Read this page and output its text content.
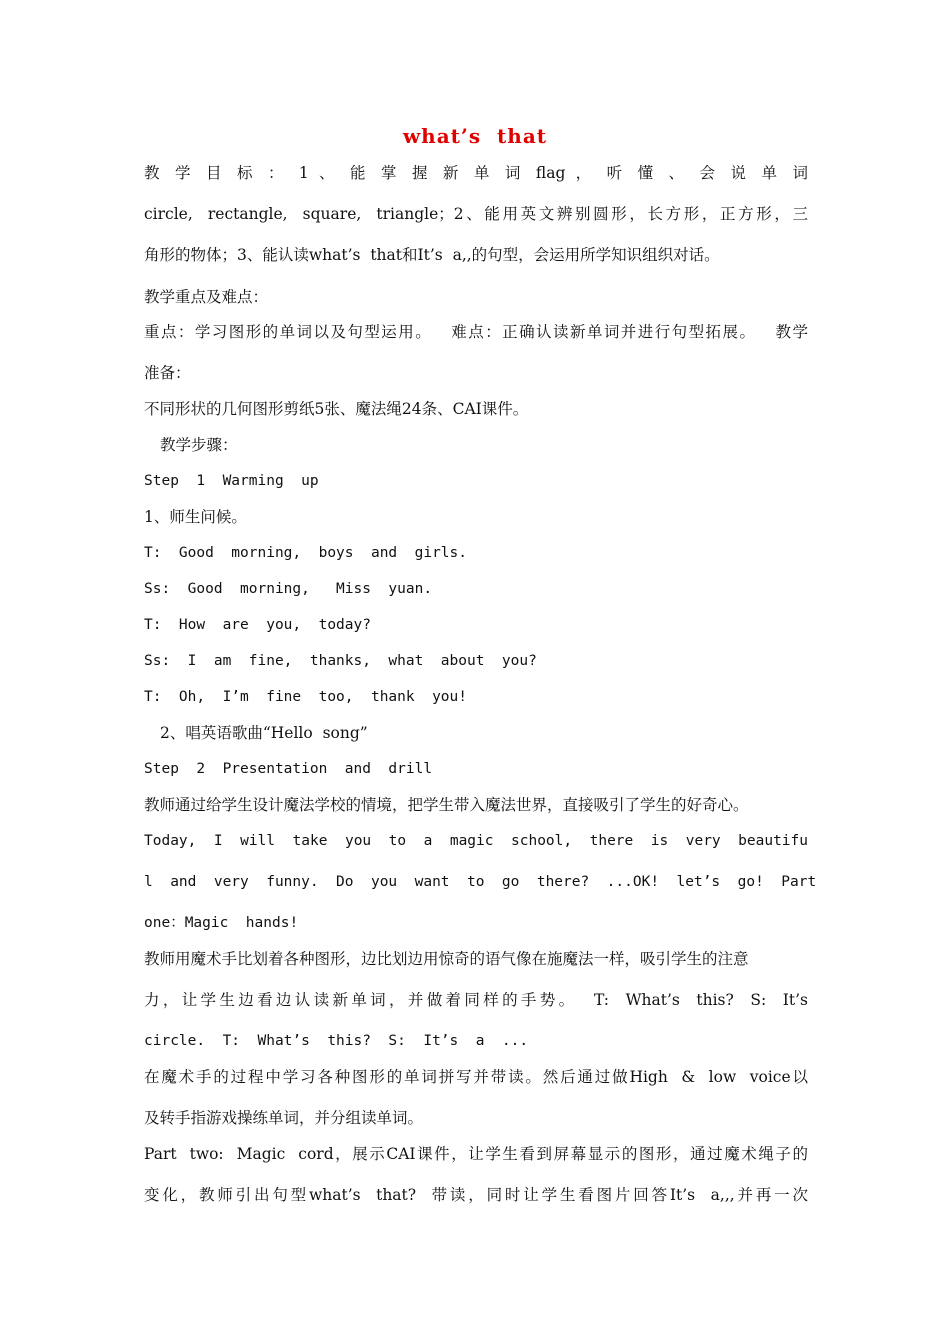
what’s  that
教 学 目 标 ： 1 、 能 掌 握 新 单 词 flag ， 听 懂 、 会 说 单 词
circle,  rectangle,  square,  triangle；2、能用英文辨别圆形，长方形，正方形，三
角形的物体；3、能认读what’s  that和It’s  a,,的句型，会运用所学知识组织对话。
教学重点及难点：
重点：学习图形的单词以及句型运用。   难点：正确认读新单词并进行句型拓展。   教学
准备：
不同形状的几何图形剪纸5张、魔法绳24条、CAI课件。
教学步骤：
Step  1  Warming  up
1、师生问候。
T:  Good  morning,  boys  and  girls.
Ss:  Good  morning,   Miss  yuan.
T:  How  are  you,  today?
Ss:  I  am  fine,  thanks,  what  about  you?
T:  Oh,  I’m  fine  too,  thank  you!
2、唱英语歌曲“Hello  song”
Step  2  Presentation  and  drill
教师通过给学生设计魔法学校的情境，把学生带入魔法世界，直接吸引了学生的好奇心。
Today,  I  will  take  you  to  a  magic  school,  there  is  very  beautifu
l  and  very  funny.  Do  you  want  to  go  there?  ...OK!  let’s  go!  Part
one：Magic  hands!
教师用魔术手比划着各种图形，边比划边用惊奇的语气像在施魔法一样，吸引学生的注意
力，让学生边看边认读新单词，并做着同样的手势。  T:  What’s  this?  S:  It’s
circle.  T:  What’s  this?  S:  It’s  a  ...
在魔术手的过程中学习各种图形的单词拼写并带读。然后通过做High  &  low  voice以
及转手指游戏操练单词，并分组读单词。
Part  two:  Magic  cord，展示CAI课件，让学生看到屏幕显示的图形，通过魔术绳子的
变化，教师引出句型what’s  that?  带读，同时让学生看图片回答It’s  a,,,并再一次
